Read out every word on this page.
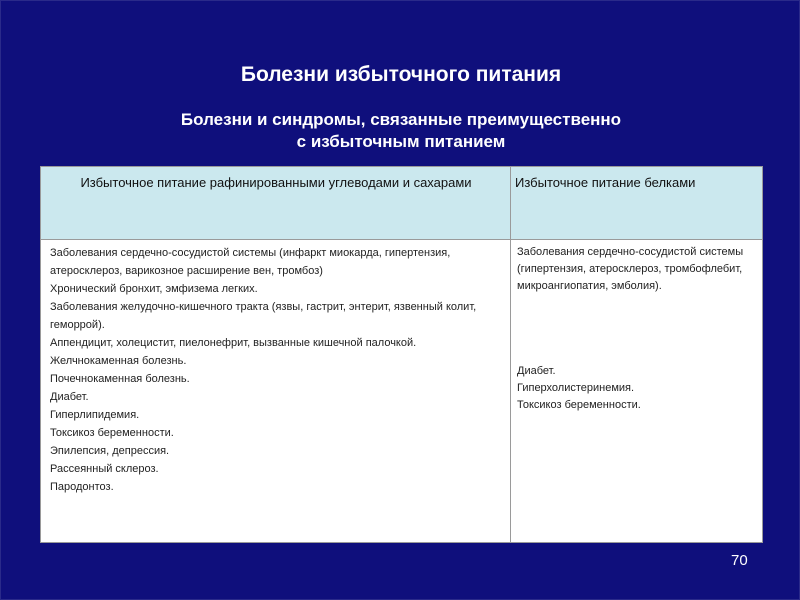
Болезни избыточного питания
Болезни и синдромы, связанные преимущественно
с избыточным питанием
Избыточное питание рафинированными углеводами и сахарами	Избыточное питание белками
Заболевания сердечно-сосудистой системы (инфаркт миокарда, гипертензия, атеросклероз, варикозное расширение вен, тромбоз)
Хронический бронхит, эмфизема легких.
Заболевания желудочно-кишечного тракта (язвы, гастрит, энтерит, язвенный колит, геморрой).
Аппендицит, холецистит, пиелонефрит, вызванные кишечной палочкой.
Желчнокаменная болезнь.
Почечнокаменная болезнь.
Диабет.
Гиперлипидемия.
Токсикоз беременности.
Эпилепсия, депрессия.
Рассеянный склероз.
Пародонтоз.
Заболевания сердечно-сосудистой системы (гипертензия, атеросклероз, тромбофлебит, микроангиопатия, эмболия).
Диабет.
Гиперхолистеринемия.
Токсикоз беременности.
70
